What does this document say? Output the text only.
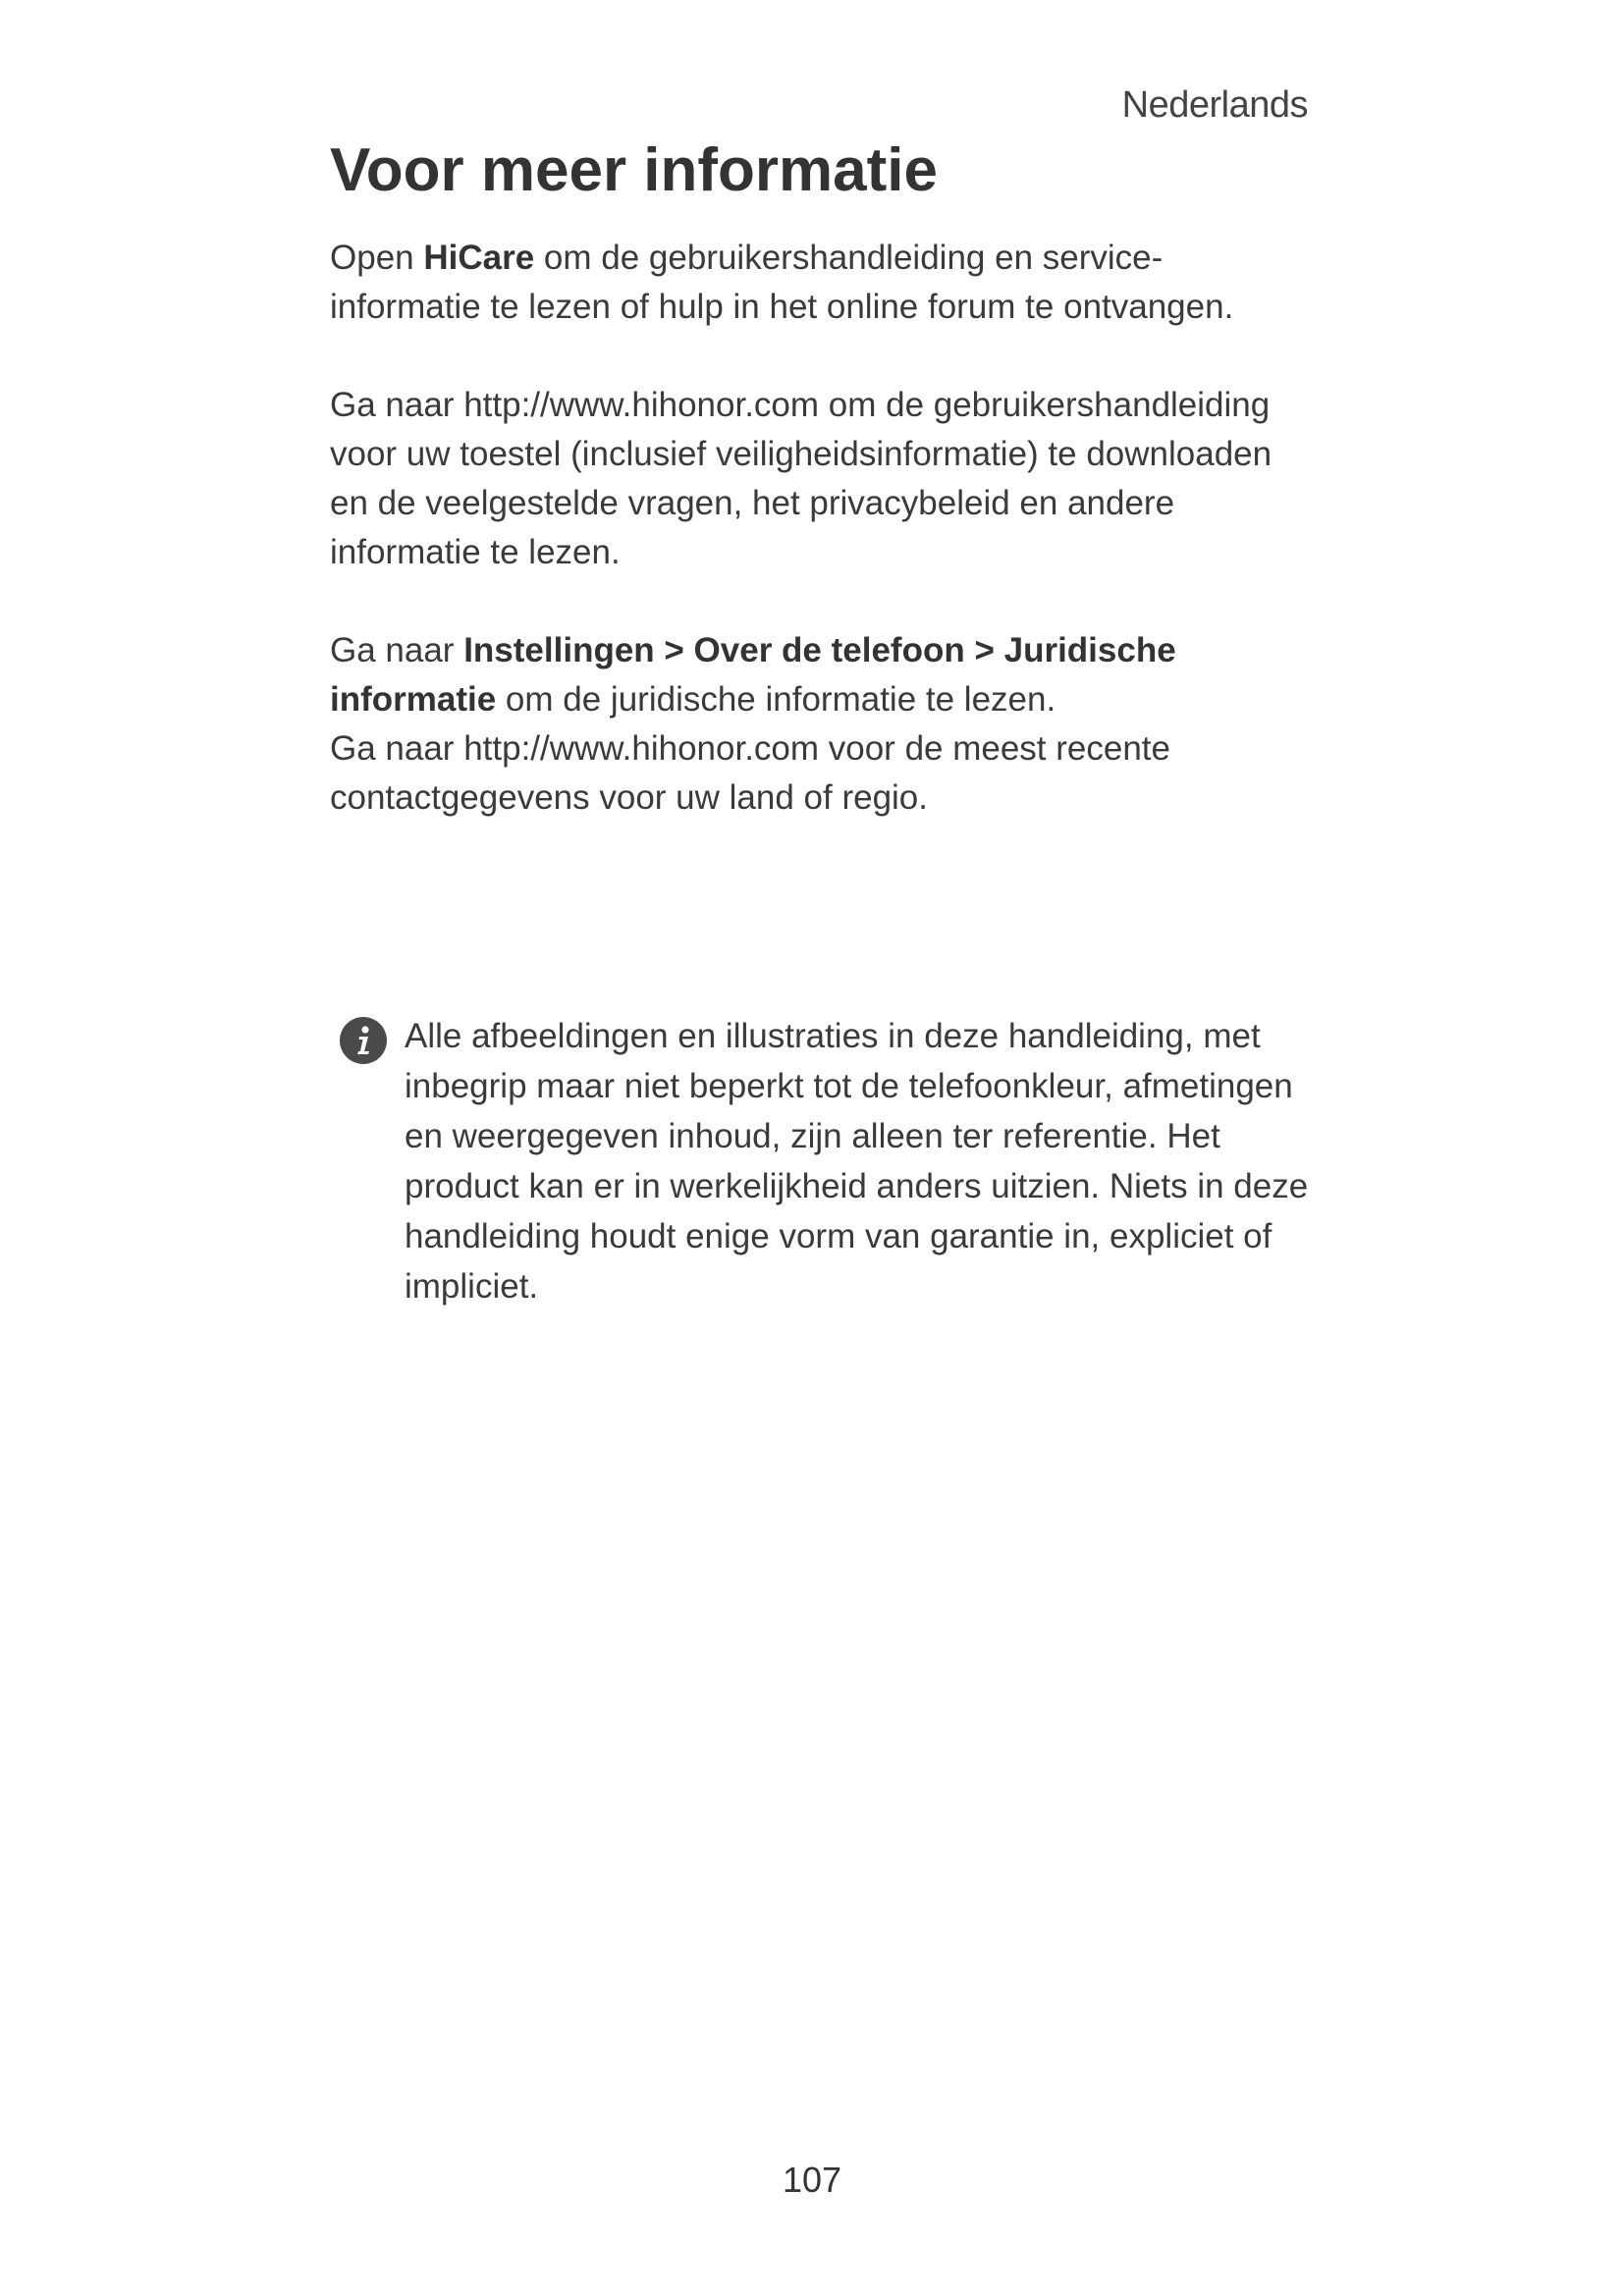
Nederlands
Voor meer informatie

Open HiCare om de gebruikershandleiding en service-informatie te lezen of hulp in het online forum te ontvangen.

Ga naar http://www.hihonor.com om de gebruikershandleiding voor uw toestel (inclusief veiligheidsinformatie) te downloaden en de veelgestelde vragen, het privacybeleid en andere informatie te lezen.

Ga naar Instellingen > Over de telefoon > Juridische informatie om de juridische informatie te lezen.

Ga naar http://www.hihonor.com voor de meest recente contactgegevens voor uw land of regio.

Alle afbeeldingen en illustraties in deze handleiding, met inbegrip maar niet beperkt tot de telefoonkleur, afmetingen en weergegeven inhoud, zijn alleen ter referentie. Het product kan er in werkelijkheid anders uitzien. Niets in deze handleiding houdt enige vorm van garantie in, expliciet of impliciet.
107
